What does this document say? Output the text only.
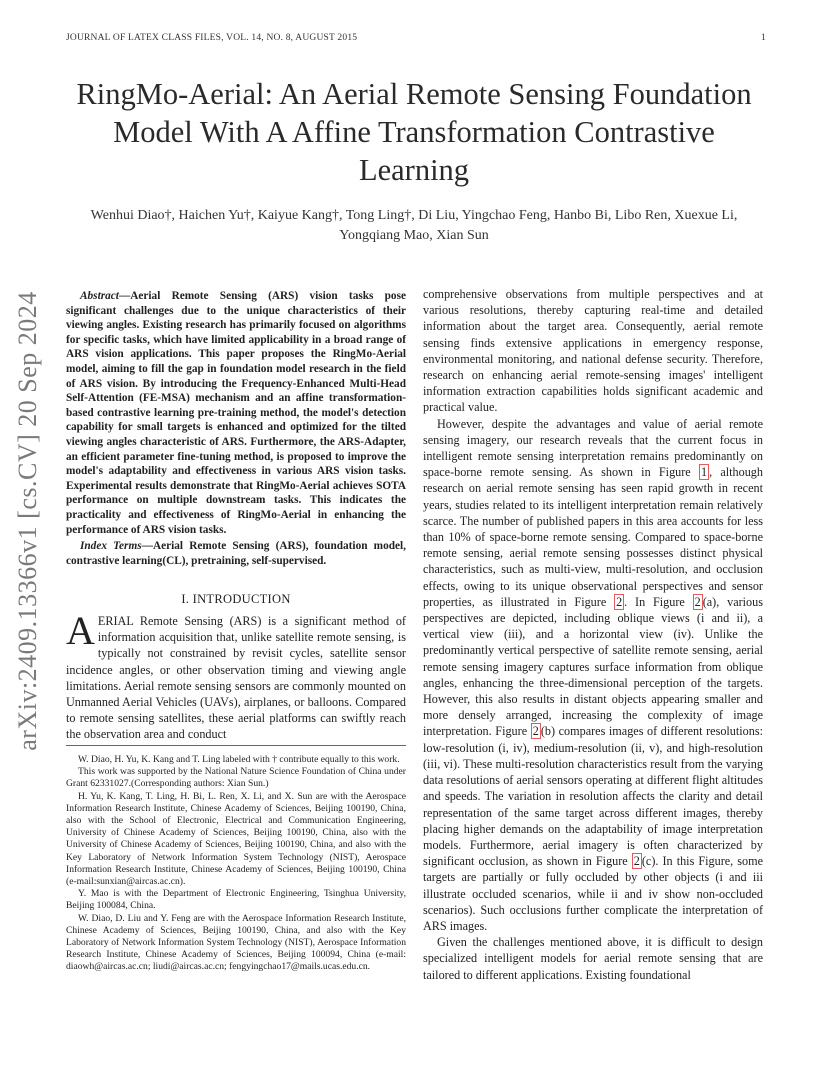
JOURNAL OF LATEX CLASS FILES, VOL. 14, NO. 8, AUGUST 2015	1
RingMo-Aerial: An Aerial Remote Sensing Foundation Model With A Affine Transformation Contrastive Learning
Wenhui Diao†, Haichen Yu†, Kaiyue Kang†, Tong Ling†, Di Liu, Yingchao Feng, Hanbo Bi, Libo Ren, Xuexue Li, Yongqiang Mao, Xian Sun
arXiv:2409.13366v1 [cs.CV] 20 Sep 2024	Abstract—Aerial Remote Sensing (ARS) vision tasks pose significant challenges due to the unique characteristics of their viewing angles. Existing research has primarily focused on algorithms for specific tasks, which have limited applicability in a broad range of ARS vision applications. This paper proposes the RingMo-Aerial model, aiming to fill the gap in foundation model research in the field of ARS vision. By introducing the Frequency-Enhanced Multi-Head Self-Attention (FE-MSA) mechanism and an affine transformation-based contrastive learning pre-training method, the model's detection capability for small targets is enhanced and optimized for the tilted viewing angles characteristic of ARS. Furthermore, the ARS-Adapter, an efficient parameter fine-tuning method, is proposed to improve the model's adaptability and effectiveness in various ARS vision tasks. Experimental results demonstrate that RingMo-Aerial achieves SOTA performance on multiple downstream tasks. This indicates the practicality and effectiveness of RingMo-Aerial in enhancing the performance of ARS vision tasks.
Index Terms—Aerial Remote Sensing (ARS), foundation model, contrastive learning(CL), pretraining, self-supervised.
I. INTRODUCTION
AERIAL Remote Sensing (ARS) is a significant method of information acquisition that, unlike satellite remote sensing, is typically not constrained by revisit cycles, satellite sensor incidence angles, or other observation timing and viewing angle limitations. Aerial remote sensing sensors are commonly mounted on Unmanned Aerial Vehicles (UAVs), airplanes, or balloons. Compared to remote sensing satellites, these aerial platforms can swiftly reach the observation area and conduct

W. Diao, H. Yu, K. Kang and T. Ling labeled with † contribute equally to this work.

This work was supported by the National Nature Science Foundation of China under Grant 62331027.(Corresponding authors: Xian Sun.)

H. Yu, K. Kang, T. Ling, H. Bi, L. Ren, X. Li, and X. Sun are with the Aerospace Information Research Institute, Chinese Academy of Sciences, Beijing 100190, China, also with the School of Electronic, Electrical and Communication Engineering, University of Chinese Academy of Sciences, Beijing 100190, China, also with the University of Chinese Academy of Sciences, Beijing 100190, China, and also with the Key Laboratory of Network Information System Technology (NIST), Aerospace Information Research Institute, Chinese Academy of Sciences, Beijing 100190, China (e-mail:sunxian@aircas.ac.cn).

Y. Mao is with the Department of Electronic Engineering, Tsinghua University, Beijing 100084, China.

W. Diao, D. Liu and Y. Feng are with the Aerospace Information Research Institute, Chinese Academy of Sciences, Beijing 100190, China, and also with the Key Laboratory of Network Information System Technology (NIST), Aerospace Information Research Institute, Chinese Academy of Sciences, Beijing 100094, China (e-mail: diaowh@aircas.ac.cn; liudi@aircas.ac.cn; fengyingchao17@mails.ucas.edu.cn.

comprehensive observations from multiple perspectives and at various resolutions, thereby capturing real-time and detailed information about the target area. Consequently, aerial remote sensing finds extensive applications in emergency response, environmental monitoring, and national defense security. Therefore, research on enhancing aerial remote-sensing images' intelligent information extraction capabilities holds significant academic and practical value.

However, despite the advantages and value of aerial remote sensing imagery, our research reveals that the current focus in intelligent remote sensing interpretation remains predominantly on space-borne remote sensing. As shown in Figure 1 , although research on aerial remote sensing has seen rapid growth in recent years, studies related to its intelligent interpretation remain relatively scarce. The number of published papers in this area accounts for less than 10% of space-borne remote sensing. Compared to space-borne remote sensing, aerial remote sensing possesses distinct physical characteristics, such as multi-view, multi-resolution, and occlusion effects, owing to its unique observational perspectives and sensor properties, as illustrated in Figure 2 . In Figure 2 (a), various perspectives are depicted, including oblique views (i and ii), a vertical view (iii), and a horizontal view (iv). Unlike the predominantly vertical perspective of satellite remote sensing, aerial remote sensing imagery captures surface information from oblique angles, enhancing the three-dimensional perception of the targets. However, this also results in distant objects appearing smaller and more densely arranged, increasing the complexity of image interpretation. Figure 2 (b) compares images of different resolutions: low-resolution (i, iv), medium-resolution (ii, v), and high-resolution (iii, vi). These multi-resolution characteristics result from the varying data resolutions of aerial sensors operating at different flight altitudes and speeds. The variation in resolution affects the clarity and detail representation of the same target across different images, thereby placing higher demands on the adaptability of image interpretation models. Furthermore, aerial imagery is often characterized by significant occlusion, as shown in Figure 2 (c). In this Figure, some targets are partially or fully occluded by other objects (i and iii illustrate occluded scenarios, while ii and iv show non-occluded scenarios). Such occlusions further complicate the interpretation of ARS images.

Given the challenges mentioned above, it is difficult to design specialized intelligent models for aerial remote sensing that are tailored to different applications. Existing foundational
